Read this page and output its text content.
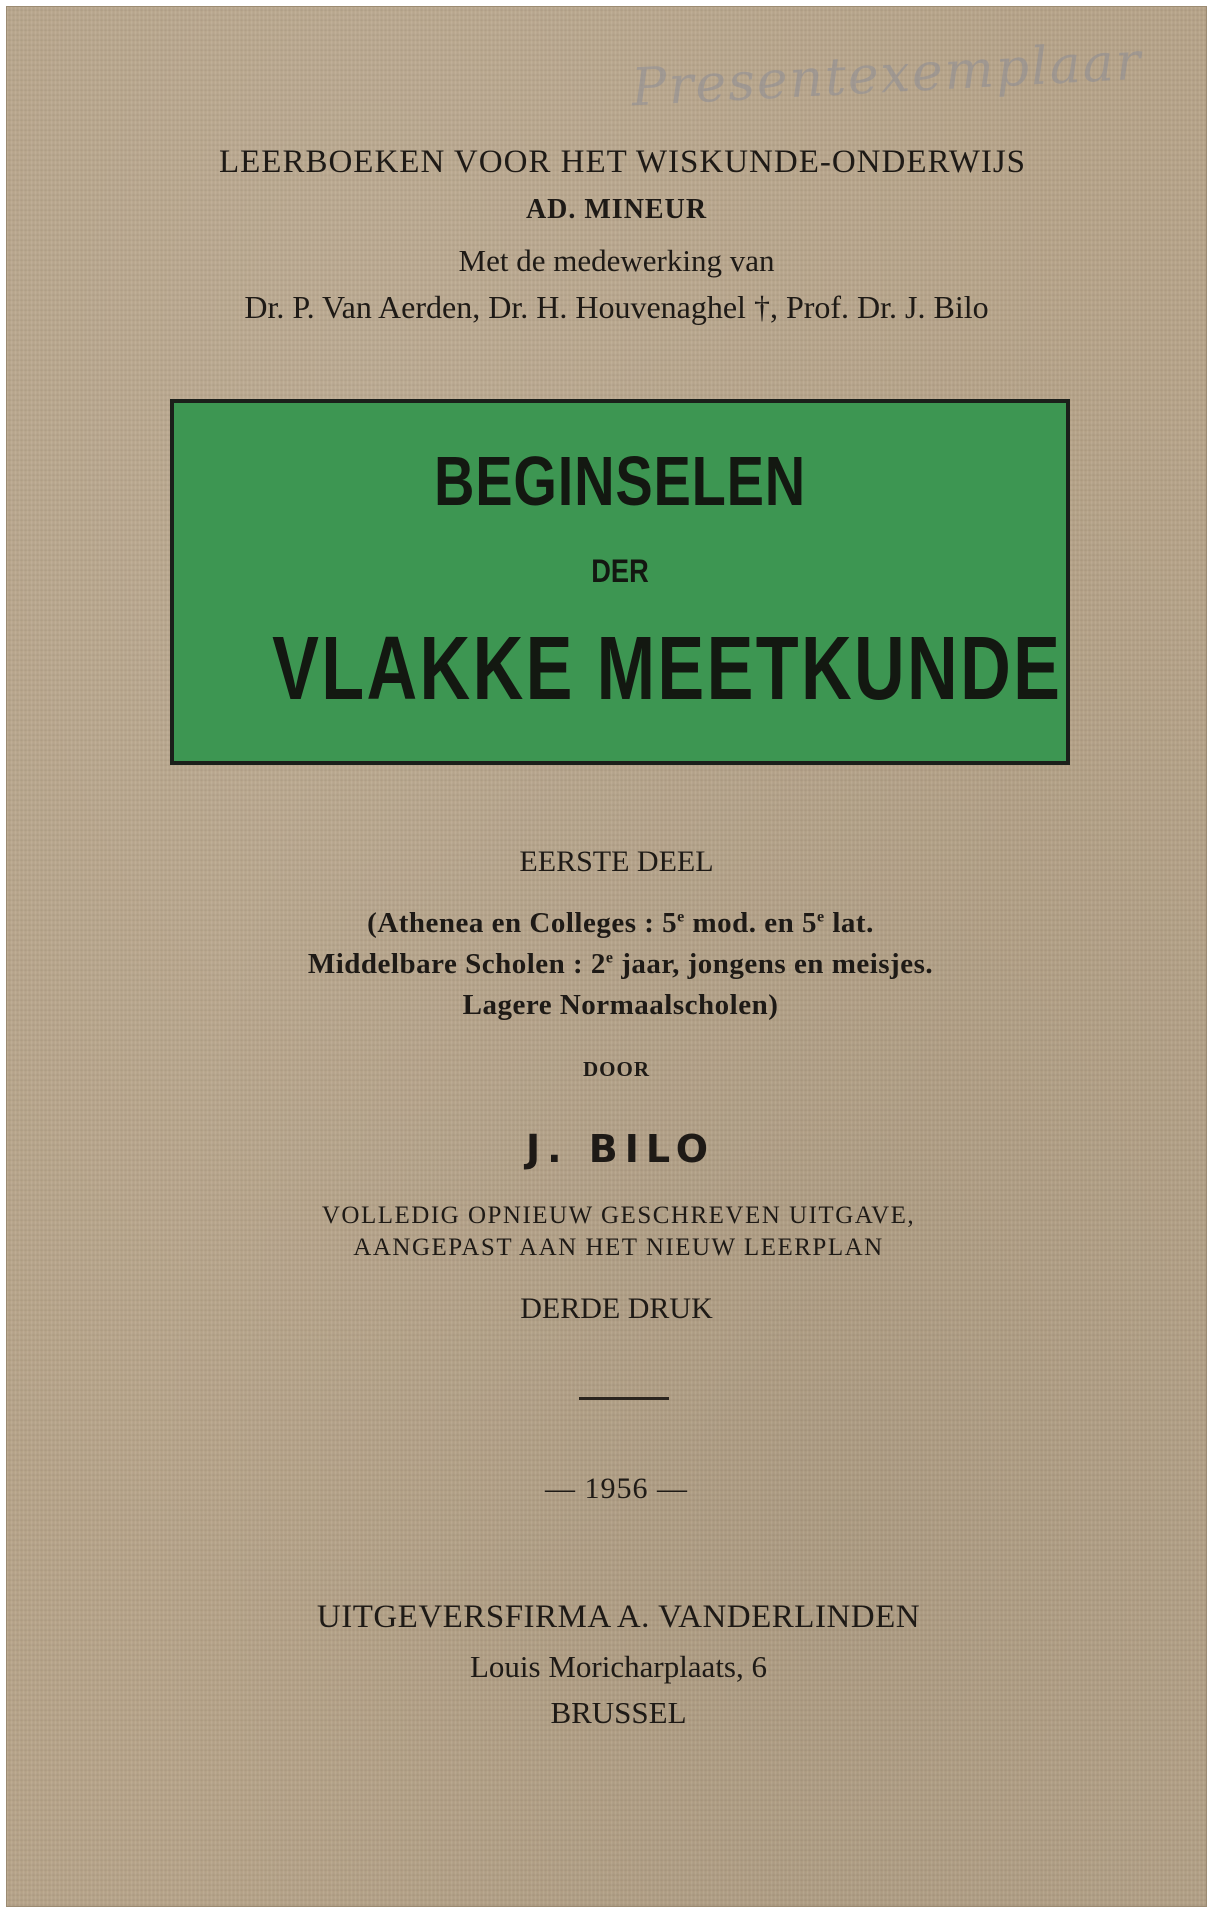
Presentexemplaar
LEERBOEKEN VOOR HET WISKUNDE-ONDERWIJS
AD. MINEUR
Met de medewerking van
Dr. P. Van Aerden, Dr. H. Houvenaghel †, Prof. Dr. J. Bilo
BEGINSELEN
DER
VLAKKE MEETKUNDE
EERSTE DEEL
(Athenea en Colleges : 5e mod. en 5e lat.
Middelbare Scholen : 2e jaar, jongens en meisjes.
Lagere Normaalscholen)
DOOR
J. BILO
VOLLEDIG OPNIEUW GESCHREVEN UITGAVE,
AANGEPAST AAN HET NIEUW LEERPLAN
DERDE DRUK
— 1956 —
UITGEVERSFIRMA A. VANDERLINDEN
Louis Moricharplaats, 6
BRUSSEL
